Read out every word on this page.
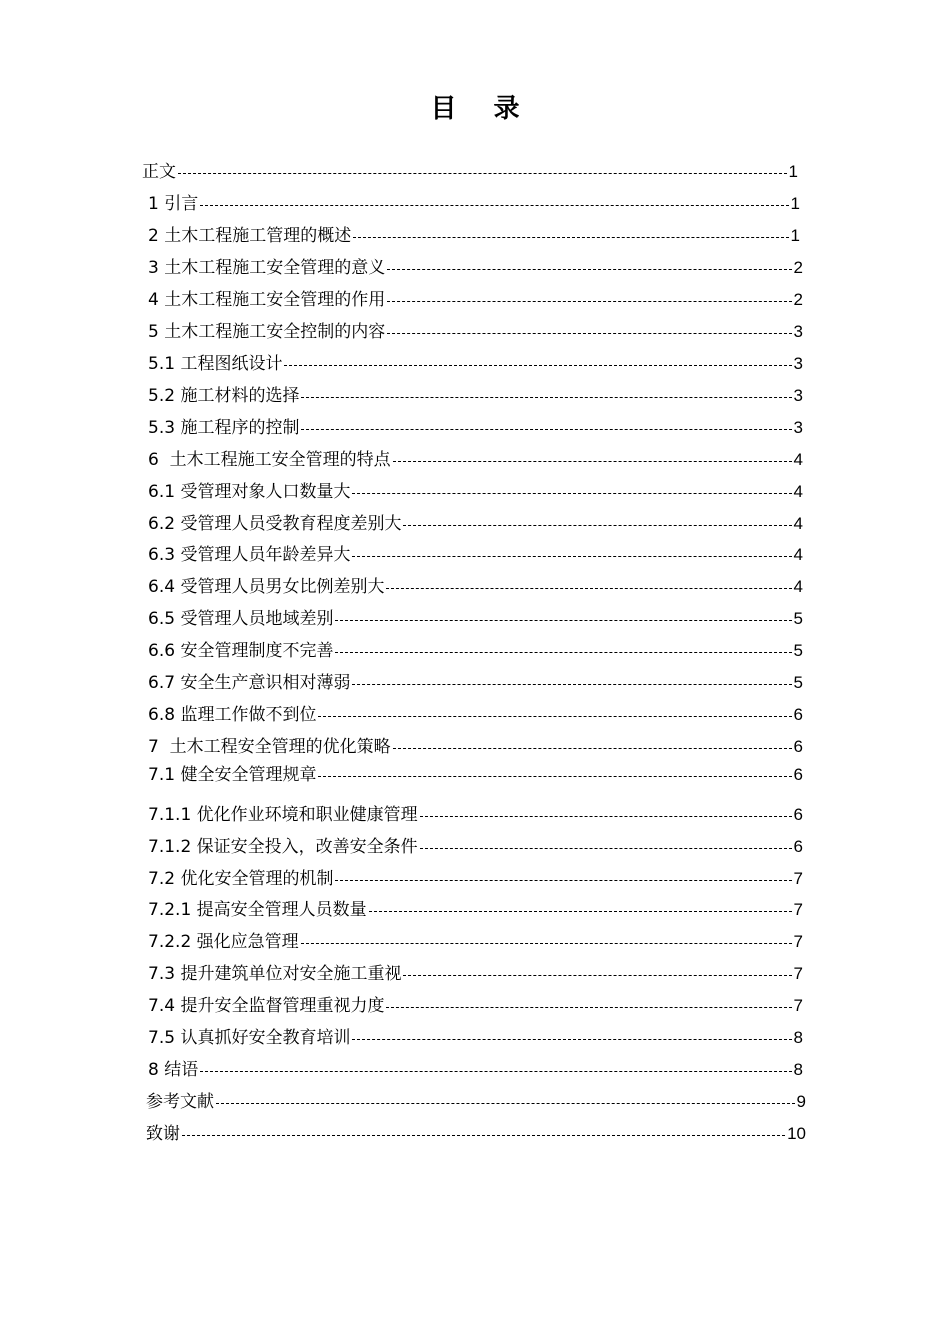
目 录
正文	1
1 引言	1
2 土木工程施工管理的概述	1
3 土木工程施工安全管理的意义	2
4 土木工程施工安全管理的作用	2
5 土木工程施工安全控制的内容	3
5.1 工程图纸设计	3
5.2 施工材料的选择	3
5.3 施工程序的控制	3
6  土木工程施工安全管理的特点	4
6.1 受管理对象人口数量大	4
6.2 受管理人员受教育程度差别大	4
6.3 受管理人员年龄差异大	4
6.4 受管理人员男女比例差别大	4
6.5 受管理人员地域差别	5
6.6 安全管理制度不完善	5
6.7 安全生产意识相对薄弱	5
6.8 监理工作做不到位	6
7  土木工程安全管理的优化策略	6
7.1 健全安全管理规章	6
7.1.1 优化作业环境和职业健康管理	6
7.1.2 保证安全投入，改善安全条件	6
7.2 优化安全管理的机制	7
7.2.1 提高安全管理人员数量	7
7.2.2 强化应急管理	7
7.3 提升建筑单位对安全施工重视	7
7.4 提升安全监督管理重视力度	7
7.5 认真抓好安全教育培训	8
8 结语	8
参考文献	9
致谢	10
